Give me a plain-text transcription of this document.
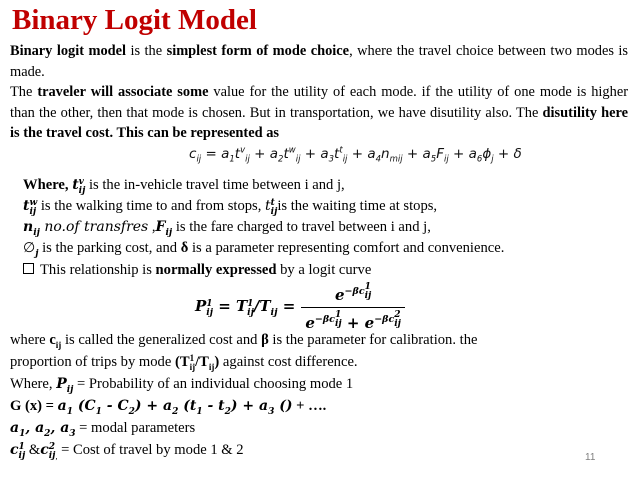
Binary Logit Model

Binary logit model is the simplest form of mode choice, where the travel choice between two modes is made.

The traveler will associate some value for the utility of each mode. if the utility of one mode is higher than the other, then that mode is chosen. But in transportation, we have disutility also. The disutility here is the travel cost. This can be represented as

$c_{ij} = a_1t^v_{ij} + a_2t^w_{ij} + a_3t^t_{ij} + a_4n_{mij} + a_5F_{ij} + a_6\phi_j + \delta$
Where, t v
ij is the in-vehicle travel time between i and j,
t w
ij is the walking time to and from stops, t t
ij is the waiting time at stops,
$n_{ij}$ no.of transfres $,F_{ij}$ is the fare charged to travel between i and j,
$\emptyset_j$ is the parking cost, and δ is a parameter representing comfort and convenience.
This relationship is normally expressed by a logit curve
P 1
ij = T 1
ij $/T_{ij} = e^{-\beta c 1 ij}$
$e^{-\beta c 1 ij} + e^{-\beta c 2 ij}$
where $c_{ij}$ is called the generalized cost and β is the parameter for calibration. the
proportion of trips by mode (T 1
ij $/T_{ij}$) against cost difference.
Where, $P_{ij}$ = Probability of an individual choosing mode 1
G $(x) = a_1$ $(C_1 - C_2) + a_2$ $(t_1 - t_2) + a_3$ () + ….
$a_1$, $a_2$, $a_3$ = modal parameters
c 1
ij &c 2
ij $_,$ = Cost of travel by mode 1 & 2	11
